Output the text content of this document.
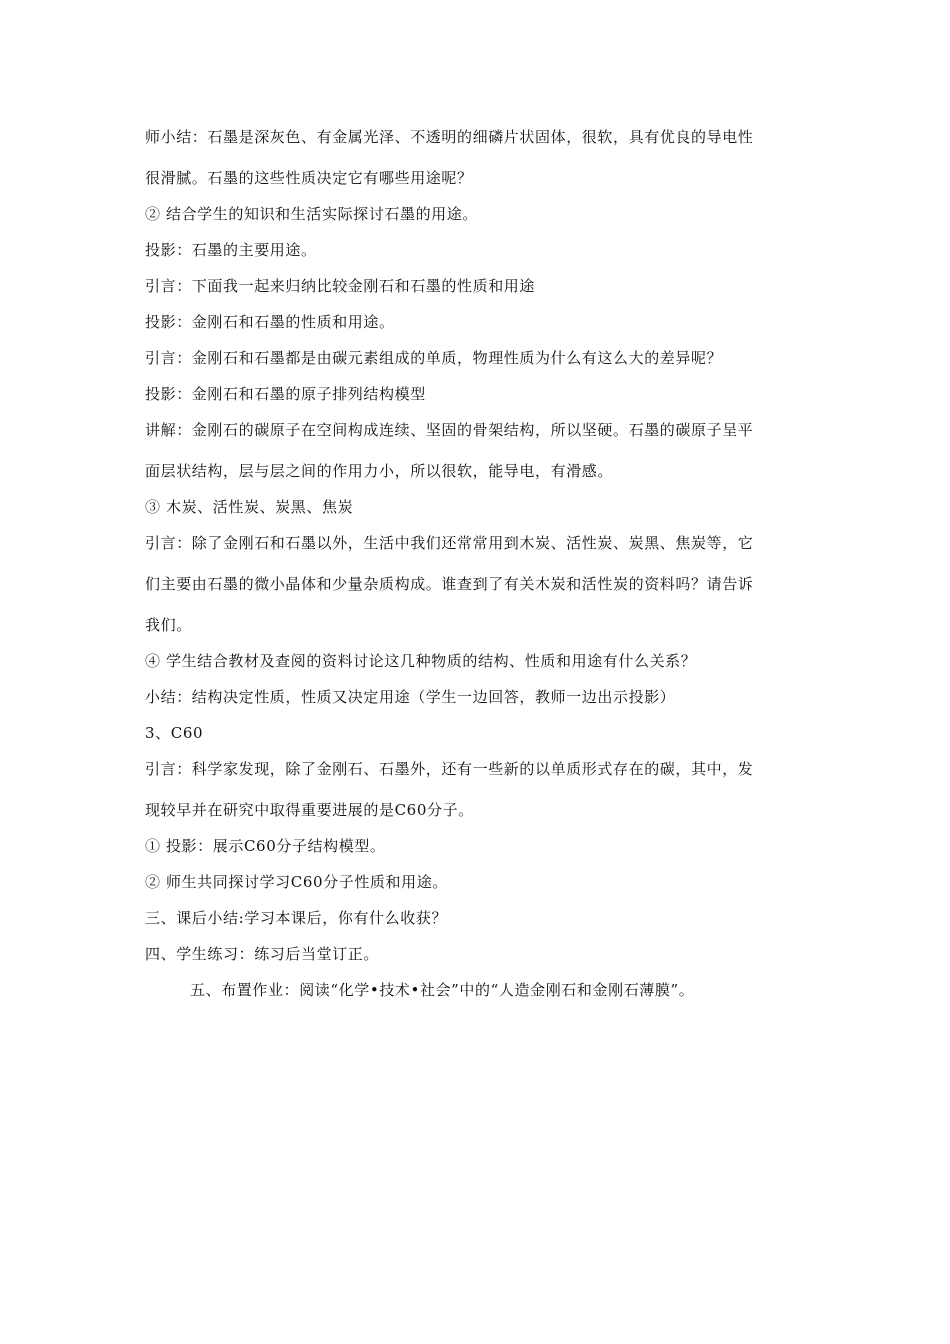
师小结：石墨是深灰色、有金属光泽、不透明的细磷片状固体，很软，具有优良的导电性
很滑腻。石墨的这些性质决定它有哪些用途呢？
② 结合学生的知识和生活实际探讨石墨的用途。
投影：石墨的主要用途。
引言：下面我一起来归纳比较金刚石和石墨的性质和用途
投影：金刚石和石墨的性质和用途。
引言：金刚石和石墨都是由碳元素组成的单质，物理性质为什么有这么大的差异呢？
投影：金刚石和石墨的原子排列结构模型
讲解：金刚石的碳原子在空间构成连续、坚固的骨架结构，所以坚硬。石墨的碳原子呈平
面层状结构，层与层之间的作用力小，所以很软，能导电，有滑感。
③ 木炭、活性炭、炭黑、焦炭
引言：除了金刚石和石墨以外，生活中我们还常常用到木炭、活性炭、炭黑、焦炭等，它
们主要由石墨的微小晶体和少量杂质构成。谁查到了有关木炭和活性炭的资料吗？请告诉
我们。
④ 学生结合教材及查阅的资料讨论这几种物质的结构、性质和用途有什么关系？
小结：结构决定性质，性质又决定用途（学生一边回答，教师一边出示投影）
3、C60
引言：科学家发现，除了金刚石、石墨外，还有一些新的以单质形式存在的碳，其中，发
现较早并在研究中取得重要进展的是C60分子。
① 投影：展示C60分子结构模型。
② 师生共同探讨学习C60分子性质和用途。
三、课后小结:学习本课后，你有什么收获？
四、学生练习：练习后当堂订正。
五、布置作业：阅读“化学•技术•社会”中的“人造金刚石和金刚石薄膜”。
